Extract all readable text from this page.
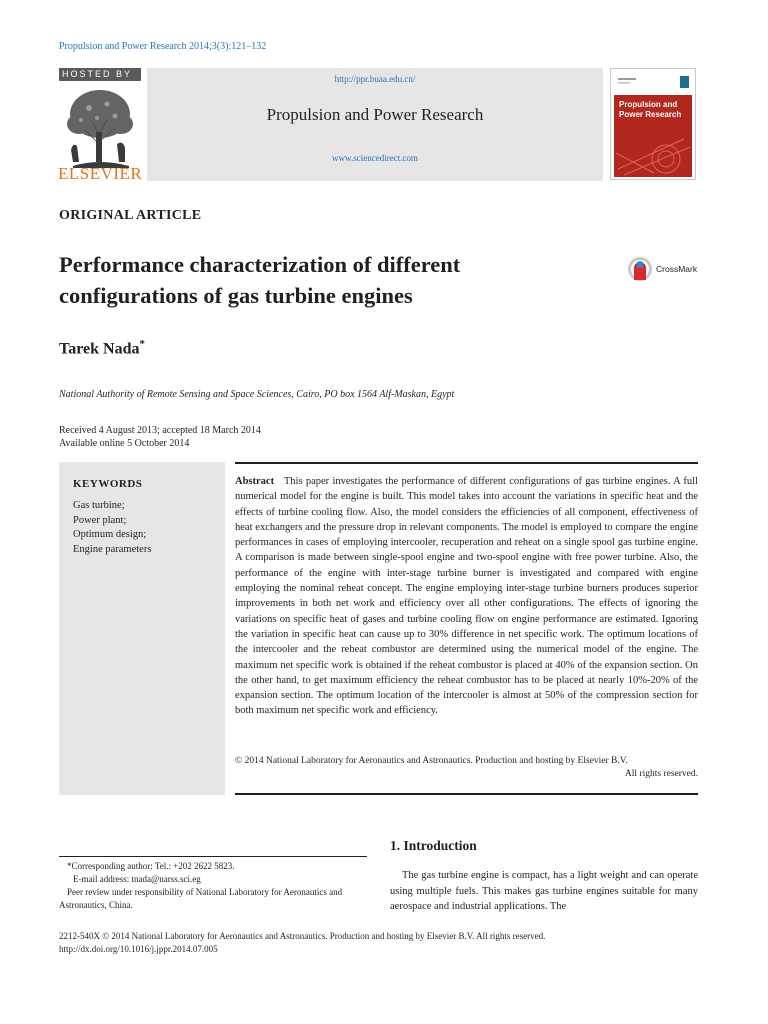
Propulsion and Power Research 2014;3(3):121–132
HOSTED BY
ELSEVIER
http://ppr.buaa.edu.cn/
Propulsion and Power Research
www.sciencedirect.com
Propulsion and Power Research
ORIGINAL ARTICLE
Performance characterization of different configurations of gas turbine engines
CrossMark
Tarek Nada*
National Authority of Remote Sensing and Space Sciences, Cairo, PO box 1564 Alf-Maskan, Egypt
Received 4 August 2013; accepted 18 March 2014
Available online 5 October 2014
KEYWORDS
Gas turbine;
Power plant;
Optimum design;
Engine parameters
Abstract This paper investigates the performance of different configurations of gas turbine engines. A full numerical model for the engine is built. This model takes into account the variations in specific heat and the effects of turbine cooling flow. Also, the model considers the efficiencies of all component, effectiveness of heat exchangers and the pressure drop in relevant components. The model is employed to compare the engine performances in cases of employing intercooler, recuperation and reheat on a single spool gas turbine engine. A comparison is made between single-spool engine and two-spool engine with free power turbine. Also, the performance of the engine with inter-stage turbine burner is investigated and compared with engine employing the nominal reheat concept. The engine employing inter-stage turbine burners produces superior improvements in both net work and efficiency over all other configurations. The effects of ignoring the variations on specific heat of gases and turbine cooling flow on engine performance are estimated. Ignoring the variation in specific heat can cause up to 30% difference in net specific work. The optimum locations of the intercooler and the reheat combustor are determined using the numerical model of the engine. The maximum net specific work is obtained if the reheat combustor is placed at 40% of the expansion section. On the other hand, to get maximum efficiency the reheat combustor has to be placed at nearly 10%-20% of the expansion section. The optimum location of the intercooler is almost at 50% of the compression section for both maximum net specific work and efficiency.
© 2014 National Laboratory for Aeronautics and Astronautics. Production and hosting by Elsevier B.V.
All rights reserved.
*Corresponding author: Tel.: +202 2622 5823.
E-mail address: tnada@narss.sci.eg
Peer review under responsibility of National Laboratory for Aeronautics and Astronautics, China.
1. Introduction
The gas turbine engine is compact, has a light weight and can operate using multiple fuels. This makes gas turbine engines suitable for many aerospace and industrial applications. The
2212-540X © 2014 National Laboratory for Aeronautics and Astronautics. Production and hosting by Elsevier B.V. All rights reserved.
http://dx.doi.org/10.1016/j.jppr.2014.07.005
